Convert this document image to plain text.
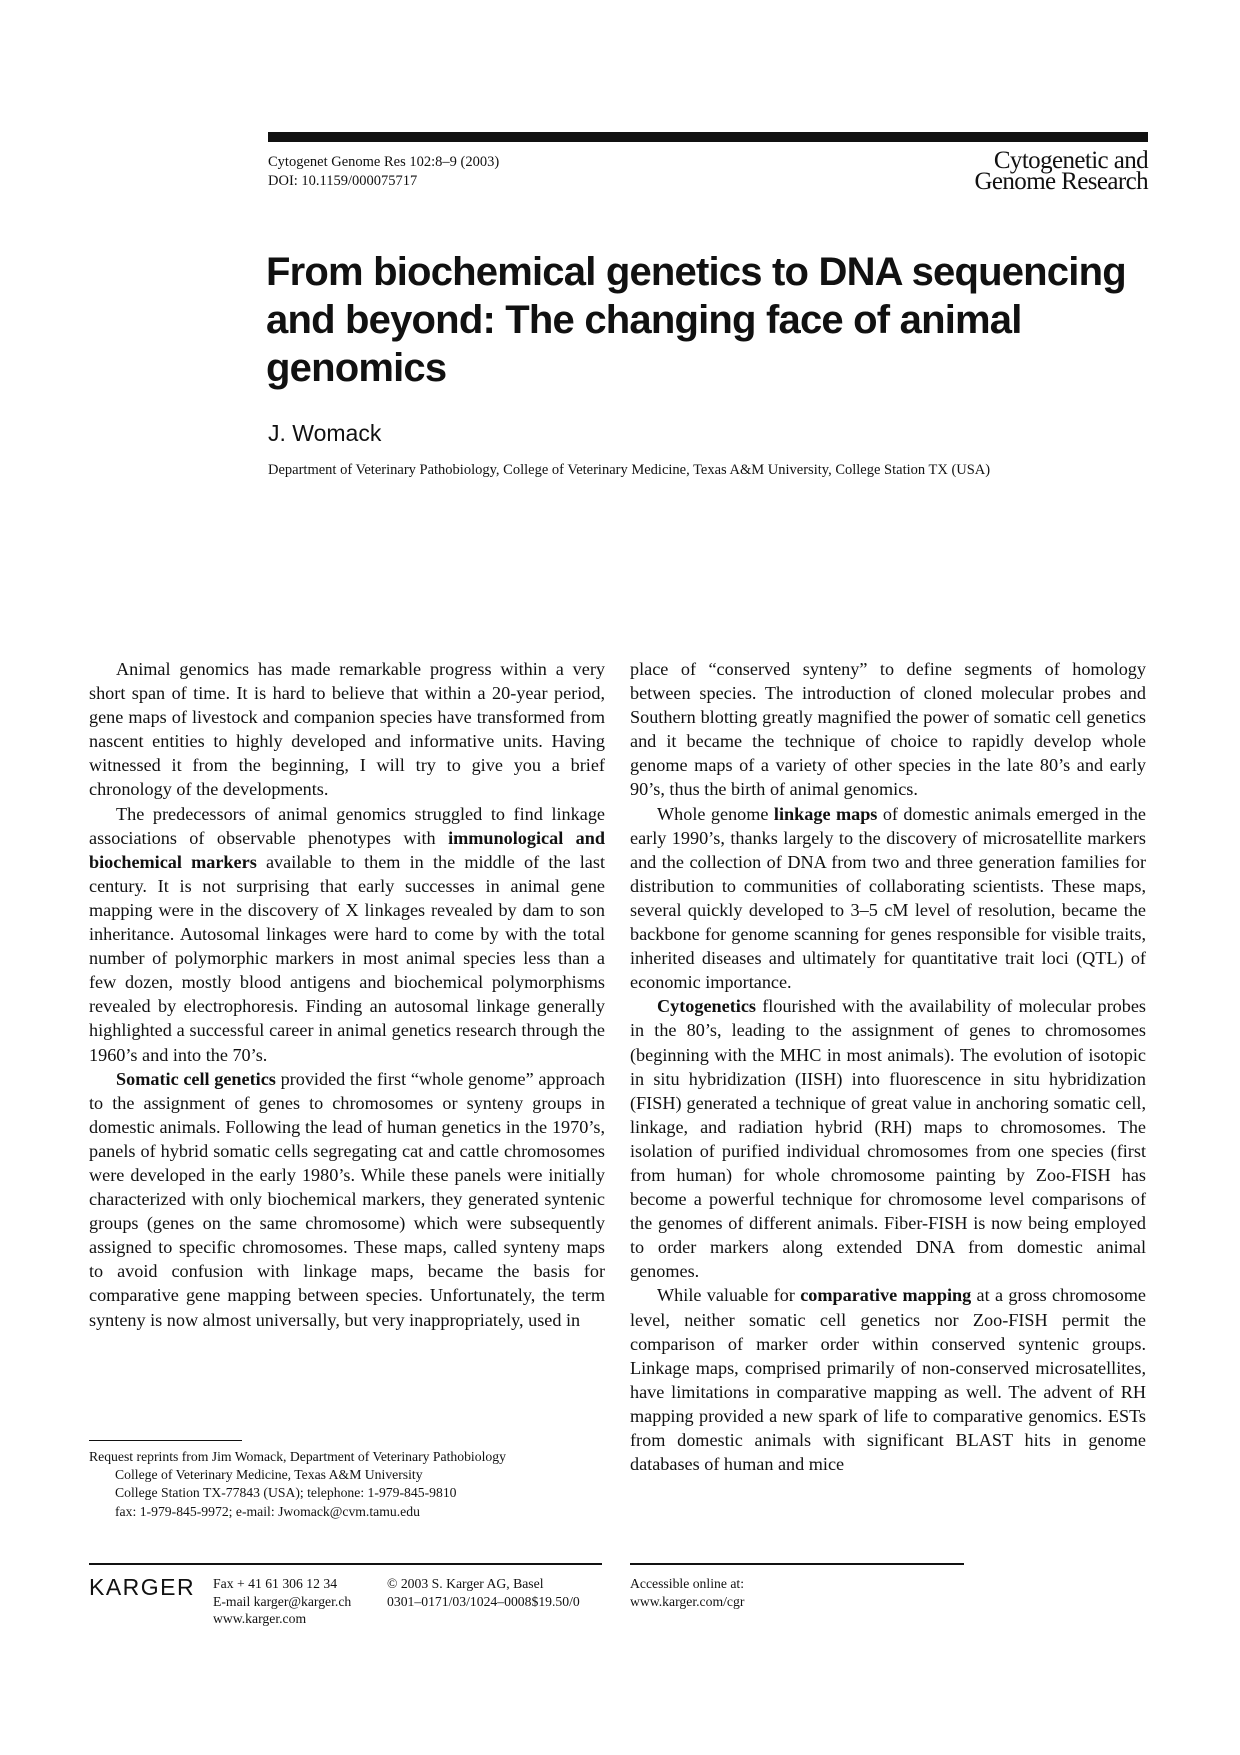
Cytogenet Genome Res 102:8–9 (2003)
DOI: 10.1159/000075717
Cytogenetic and
Genome Research
From biochemical genetics to DNA sequencing and beyond: The changing face of animal genomics
J. Womack
Department of Veterinary Pathobiology, College of Veterinary Medicine, Texas A&M University, College Station TX (USA)

Animal genomics has made remarkable progress within a very short span of time. It is hard to believe that within a 20-year period, gene maps of livestock and companion species have transformed from nascent entities to highly developed and informative units. Having witnessed it from the beginning, I will try to give you a brief chronology of the developments.

The predecessors of animal genomics struggled to find linkage associations of observable phenotypes with immunological and biochemical markers available to them in the middle of the last century. It is not surprising that early successes in animal gene mapping were in the discovery of X linkages revealed by dam to son inheritance. Autosomal linkages were hard to come by with the total number of polymorphic markers in most animal species less than a few dozen, mostly blood antigens and biochemical polymorphisms revealed by electrophoresis. Finding an autosomal linkage generally highlighted a successful career in animal genetics research through the 1960’s and into the 70’s.

Somatic cell genetics provided the first “whole genome” approach to the assignment of genes to chromosomes or synteny groups in domestic animals. Following the lead of human genetics in the 1970’s, panels of hybrid somatic cells segregating cat and cattle chromosomes were developed in the early 1980’s. While these panels were initially characterized with only biochemical markers, they generated syntenic groups (genes on the same chromosome) which were subsequently assigned to specific chromosomes. These maps, called synteny maps to avoid confusion with linkage maps, became the basis for comparative gene mapping between species. Unfortunately, the term synteny is now almost universally, but very inappropriately, used in

place of “conserved synteny” to define segments of homology between species. The introduction of cloned molecular probes and Southern blotting greatly magnified the power of somatic cell genetics and it became the technique of choice to rapidly develop whole genome maps of a variety of other species in the late 80’s and early 90’s, thus the birth of animal genomics.

Whole genome linkage maps of domestic animals emerged in the early 1990’s, thanks largely to the discovery of microsatellite markers and the collection of DNA from two and three generation families for distribution to communities of collaborating scientists. These maps, several quickly developed to 3–5 cM level of resolution, became the backbone for genome scanning for genes responsible for visible traits, inherited diseases and ultimately for quantitative trait loci (QTL) of economic importance.

Cytogenetics flourished with the availability of molecular probes in the 80’s, leading to the assignment of genes to chromosomes (beginning with the MHC in most animals). The evolution of isotopic in situ hybridization (IISH) into fluorescence in situ hybridization (FISH) generated a technique of great value in anchoring somatic cell, linkage, and radiation hybrid (RH) maps to chromosomes. The isolation of purified individual chromosomes from one species (first from human) for whole chromosome painting by Zoo-FISH has become a powerful technique for chromosome level comparisons of the genomes of different animals. Fiber-FISH is now being employed to order markers along extended DNA from domestic animal genomes.

While valuable for comparative mapping at a gross chromosome level, neither somatic cell genetics nor Zoo-FISH permit the comparison of marker order within conserved syntenic groups. Linkage maps, comprised primarily of non-conserved microsatellites, have limitations in comparative mapping as well. The advent of RH mapping provided a new spark of life to comparative genomics. ESTs from domestic animals with significant BLAST hits in genome databases of human and mice

Request reprints from Jim Womack, Department of Veterinary Pathobiology
College of Veterinary Medicine, Texas A&M University
College Station TX-77843 (USA); telephone: 1-979-845-9810
fax: 1-979-845-9972; e-mail: Jwomack@cvm.tamu.edu
KARGER Fax + 41 61 306 12 34
E-mail karger@karger.ch
www.karger.com
© 2003 S. Karger AG, Basel
0301–0171/03/1024–0008$19.50/0
Accessible online at:
www.karger.com/cgr
